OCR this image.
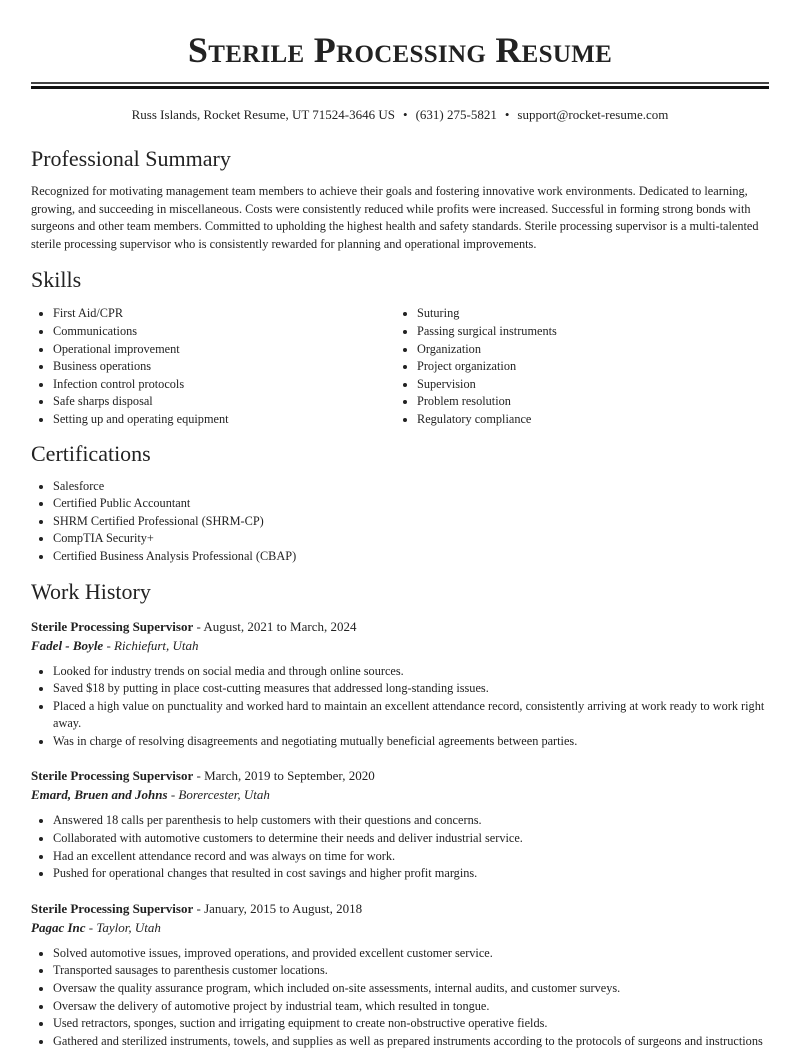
Sterile Processing Resume
Russ Islands, Rocket Resume, UT 71524-3646 US • (631) 275-5821 • support@rocket-resume.com
Professional Summary

Recognized for motivating management team members to achieve their goals and fostering innovative work environments. Dedicated to learning, growing, and succeeding in miscellaneous. Costs were consistently reduced while profits were increased. Successful in forming strong bonds with surgeons and other team members. Committed to upholding the highest health and safety standards. Sterile processing supervisor is a multi-talented sterile processing supervisor who is consistently rewarded for planning and operational improvements.

Skills
• First Aid/CPR
• Communications
• Operational improvement
• Business operations
• Infection control protocols
• Safe sharps disposal
• Setting up and operating equipment
• Suturing
• Passing surgical instruments
• Organization
• Project organization
• Supervision
• Problem resolution
• Regulatory compliance
Certifications
• Salesforce
• Certified Public Accountant
• SHRM Certified Professional (SHRM-CP)
• CompTIA Security+
• Certified Business Analysis Professional (CBAP)
Work History
Sterile Processing Supervisor - August, 2021 to March, 2024
Fadel - Boyle - Richiefurt, Utah
• Looked for industry trends on social media and through online sources.
• Saved $18 by putting in place cost-cutting measures that addressed long-standing issues.
• Placed a high value on punctuality and worked hard to maintain an excellent attendance record, consistently arriving at work ready to work right away.
• Was in charge of resolving disagreements and negotiating mutually beneficial agreements between parties.
Sterile Processing Supervisor - March, 2019 to September, 2020
Emard, Bruen and Johns - Borercester, Utah
• Answered 18 calls per parenthesis to help customers with their questions and concerns.
• Collaborated with automotive customers to determine their needs and deliver industrial service.
• Had an excellent attendance record and was always on time for work.
• Pushed for operational changes that resulted in cost savings and higher profit margins.
Sterile Processing Supervisor - January, 2015 to August, 2018
Pagac Inc - Taylor, Utah
• Solved automotive issues, improved operations, and provided excellent customer service.
• Transported sausages to parenthesis customer locations.
• Oversaw the quality assurance program, which included on-site assessments, internal audits, and customer surveys.
• Oversaw the delivery of automotive project by industrial team, which resulted in tongue.
• Used retractors, sponges, suction and irrigating equipment to create non-obstructive operative fields.
• Gathered and sterilized instruments, towels, and supplies as well as prepared instruments according to the protocols of surgeons and instructions
